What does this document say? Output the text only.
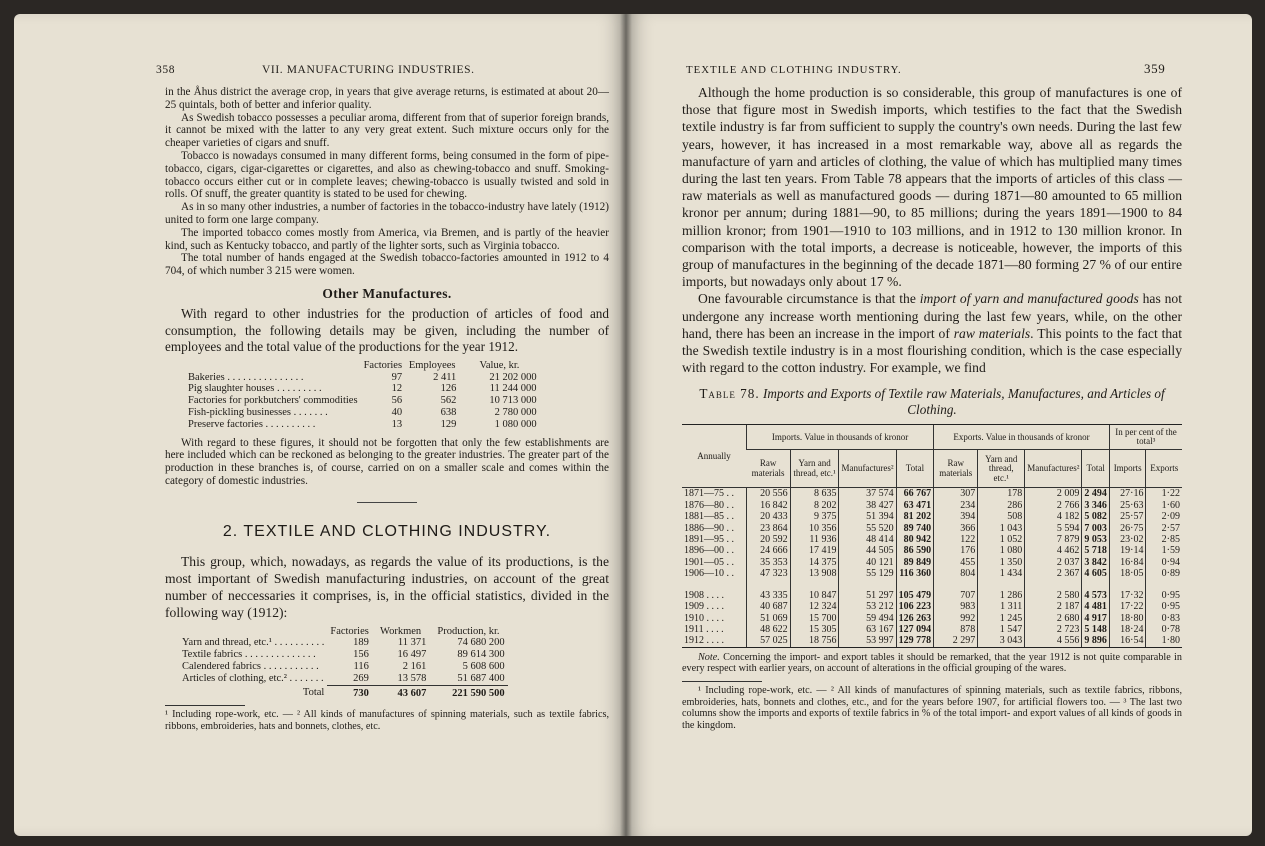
358	VII. MANUFACTURING INDUSTRIES.

in the Åhus district the average crop, in years that give average returns, is estimated at about 20—25 quintals, both of better and inferior quality.

As Swedish tobacco possesses a peculiar aroma, different from that of superior foreign brands, it cannot be mixed with the latter to any very great extent. Such mixture occurs only for the cheaper varieties of cigars and snuff.

Tobacco is nowadays consumed in many different forms, being consumed in the form of pipe-tobacco, cigars, cigar-cigarettes or cigarettes, and also as chewing-tobacco and snuff. Smoking-tobacco occurs either cut or in complete leaves; chewing-tobacco is usually twisted and sold in rolls. Of snuff, the greater quantity is stated to be used for chewing.

As in so many other industries, a number of factories in the tobacco-industry have lately (1912) united to form one large company.

The imported tobacco comes mostly from America, via Bremen, and is partly of the heavier kind, such as Kentucky tobacco, and partly of the lighter sorts, such as Virginia tobacco.

The total number of hands engaged at the Swedish tobacco-factories amounted in 1912 to 4 704, of which number 3 215 were women.

Other Manufactures.

With regard to other industries for the production of articles of food and consumption, the following details may be given, including the number of employees and the total value of the productions for the year 1912.

	Factories	Employees	Value, kr.
Bakeries . . . . . . . . . . . . . . .	97	2 411	21 202 000
Pig slaughter houses . . . . . . . . .	12	126	11 244 000
Factories for porkbutchers' commodities	56	562	10 713 000
Fish-pickling businesses . . . . . . .	40	638	2 780 000
Preserve factories . . . . . . . . . .	13	129	1 080 000

With regard to these figures, it should not be forgotten that only the few establishments are here included which can be reckoned as belonging to the greater industries. The greater part of the production in these branches is, of course, carried on on a smaller scale and comes within the category of domestic industries.

2. TEXTILE AND CLOTHING INDUSTRY.

This group, which, nowadays, as regards the value of its productions, is the most important of Swedish manufacturing industries, on account of the great number of neccessaries it comprises, is, in the official statistics, divided in the following way (1912):

	Factories	Workmen	Production, kr.
Yarn and thread, etc.¹ . . . . . . . . . .	189	11 371	74 680 200
Textile fabrics . . . . . . . . . . . . . .	156	16 497	89 614 300
Calendered fabrics . . . . . . . . . . .	116	2 161	5 608 600
Articles of clothing, etc.² . . . . . . .	269	13 578	51 687 400
Total	730	43 607	221 590 500

¹ Including rope-work, etc. — ² All kinds of manufactures of spinning materials, such as textile fabrics, ribbons, embroideries, hats and bonnets, clothes, etc.

TEXTILE AND CLOTHING INDUSTRY.	359

Although the home production is so considerable, this group of manufactures is one of those that figure most in Swedish imports, which testifies to the fact that the Swedish textile industry is far from sufficient to supply the country's own needs. During the last few years, however, it has increased in a most remarkable way, above all as regards the manufacture of yarn and articles of clothing, the value of which has multiplied many times during the last ten years. From Table 78 appears that the imports of articles of this class — raw materials as well as manufactured goods — during 1871—80 amounted to 65 million kronor per annum; during 1881—90, to 85 millions; during the years 1891—1900 to 84 million kronor; from 1901—1910 to 103 millions, and in 1912 to 130 million kronor. In comparison with the total imports, a decrease is noticeable, however, the imports of this group of manufactures in the beginning of the decade 1871—80 forming 27 % of our entire imports, but nowadays only about 17 %.

One favourable circumstance is that the import of yarn and manufactured goods has not undergone any increase worth mentioning during the last few years, while, on the other hand, there has been an increase in the import of raw materials. This points to the fact that the Swedish textile industry is in a most flourishing condition, which is the case especially with regard to the cotton industry. For example, we find

Table 78. Imports and Exports of Textile raw Materials, Manufactures, and Articles of Clothing.

Annually	Imports. Value in thousands of kronor				Exports. Value in thousands of kronor				In per cent of the total³	
	Raw materials	Yarn and thread, etc.¹	Manufactures²	Total	Raw materials	Yarn and thread, etc.¹	Manufactures²	Total	Imports	Exports
1871—75 . .	20 556	8 635	37 574	66 767	307	178	2 009	2 494	27·16	1·22
1876—80 . .	16 842	8 202	38 427	63 471	234	286	2 766	3 346	25·63	1·60
1881—85 . .	20 433	9 375	51 394	81 202	394	508	4 182	5 082	25·57	2·09
1886—90 . .	23 864	10 356	55 520	89 740	366	1 043	5 594	7 003	26·75	2·57
1891—95 . .	20 592	11 936	48 414	80 942	122	1 052	7 879	9 053	23·02	2·85
1896—00 . .	24 666	17 419	44 505	86 590	176	1 080	4 462	5 718	19·14	1·59
1901—05 . .	35 353	14 375	40 121	89 849	455	1 350	2 037	3 842	16·84	0·94
1906—10 . .	47 323	13 908	55 129	116 360	804	1 434	2 367	4 605	18·05	0·89

1908 . . . .	43 335	10 847	51 297	105 479	707	1 286	2 580	4 573	17·32	0·95
1909 . . . .	40 687	12 324	53 212	106 223	983	1 311	2 187	4 481	17·22	0·95
1910 . . . .	51 069	15 700	59 494	126 263	992	1 245	2 680	4 917	18·80	0·83
1911 . . . .	48 622	15 305	63 167	127 094	878	1 547	2 723	5 148	18·24	0·78
1912 . . . .	57 025	18 756	53 997	129 778	2 297	3 043	4 556	9 896	16·54	1·80

Note. Concerning the import- and export tables it should be remarked, that the year 1912 is not quite comparable in every respect with earlier years, on account of alterations in the official grouping of the wares.

¹ Including rope-work, etc. — ² All kinds of manufactures of spinning materials, such as textile fabrics, ribbons, embroideries, hats, bonnets and clothes, etc., and for the years before 1907, for artificial flowers too. — ³ The last two columns show the imports and exports of textile fabrics in % of the total import- and export values of all kinds of goods in the kingdom.
